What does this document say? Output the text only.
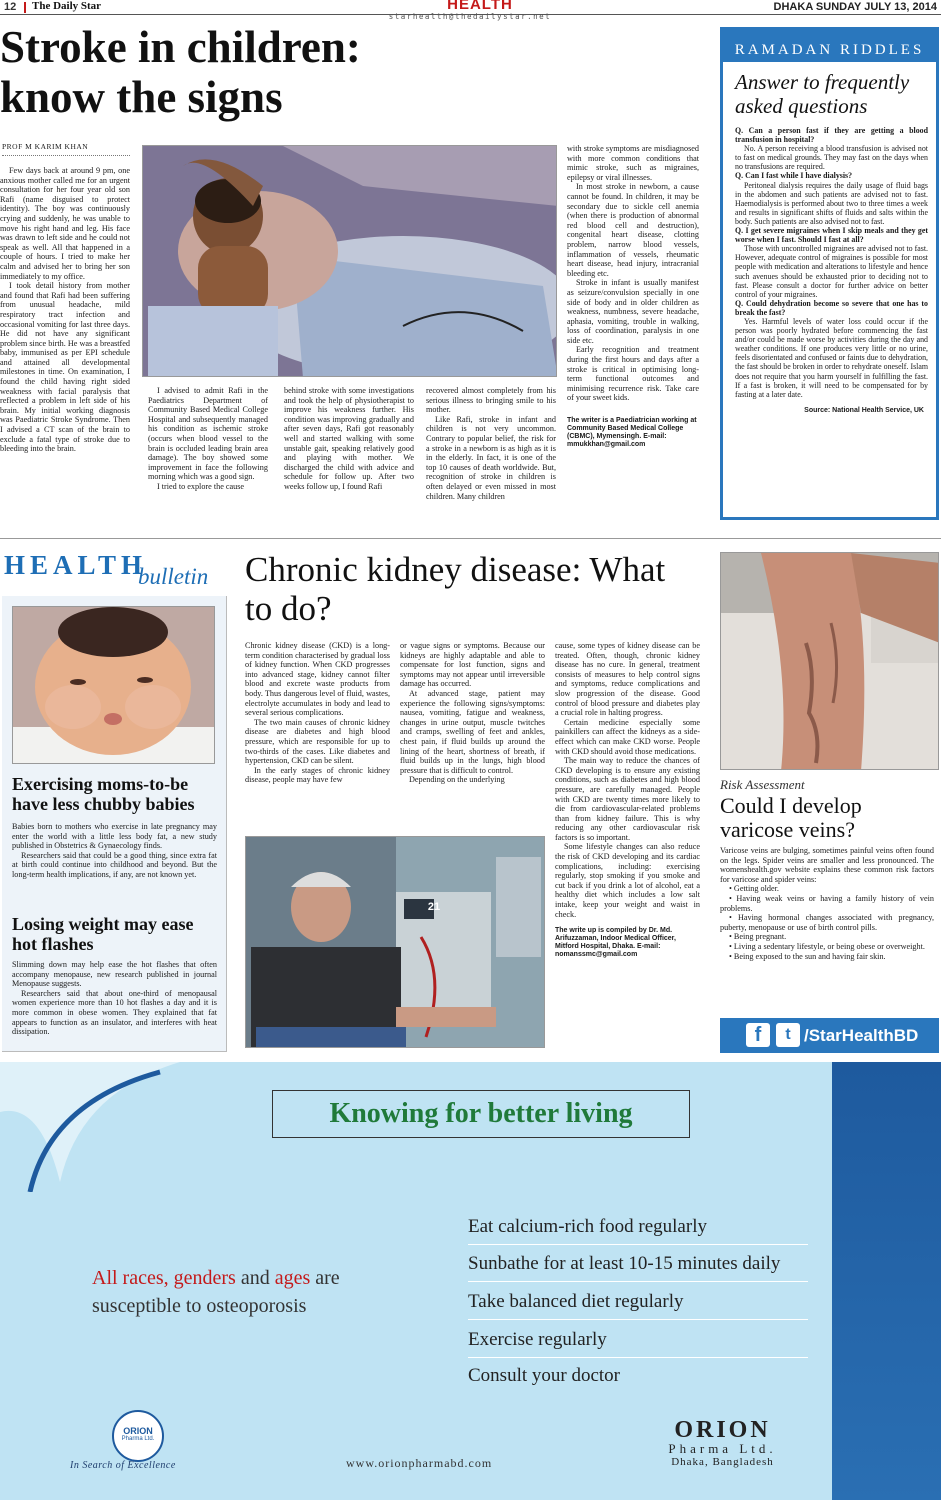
12 The Daily Star	HEALTH
starhealth@thedailystar.net
DHAKA SUNDAY JULY 13, 2014
Stroke in children: know the signs
PROF M KARIM KHAN

Few days back at around 9 pm, one anxious mother called me for an urgent consultation for her four year old son Rafi (name disguised to protect identity). The boy was continuously crying and suddenly, he was unable to move his right hand and leg. His face was drawn to left side and he could not speak as well. All that happened in a couple of hours. I tried to make her calm and advised her to bring her son immediately to my office.

I took detail history from mother and found that Rafi had been suffering from unusual headache, mild respiratory tract infection and occasional vomiting for last three days. He did not have any significant problem since birth. He was a breastfed baby, immunised as per EPI schedule and attained all developmental milestones in time. On examination, I found the child having right sided weakness with facial paralysis that reflected a problem in left side of his brain. My initial working diagnosis was Paediatric Stroke Syndrome. Then I advised a CT scan of the brain to exclude a fatal type of stroke due to bleeding into the brain.

I advised to admit Rafi in the Paediatrics Department of Community Based Medical College Hospital and subsequently managed his condition as ischemic stroke (occurs when blood vessel to the brain is occluded leading brain area damage). The boy showed some improvement in face the following morning which was a good sign.

I tried to explore the cause

behind stroke with some investigations and took the help of physiotherapist to improve his weakness further. His condition was improving gradually and after seven days, Rafi got reasonably well and started walking with some unstable gait, speaking relatively good and playing with mother. We discharged the child with advice and schedule for follow up. After two weeks follow up, I found Rafi

recovered almost completely from his serious illness to bringing smile to his mother.

Like Rafi, stroke in infant and children is not very uncommon. Contrary to popular belief, the risk for a stroke in a newborn is as high as it is in the elderly. In fact, it is one of the top 10 causes of death worldwide. But, recognition of stroke in children is often delayed or even missed in most children. Many children

with stroke symptoms are misdiagnosed with more common conditions that mimic stroke, such as migraines, epilepsy or viral illnesses.

In most stroke in newborn, a cause cannot be found. In children, it may be secondary due to sickle cell anemia (when there is production of abnormal red blood cell and destruction), congenital heart disease, clotting problem, narrow blood vessels, inflammation of vessels, rheumatic heart disease, head injury, intracranial bleeding etc.

Stroke in infant is usually manifest as seizure/convulsion specially in one side of body and in older children as weakness, numbness, severe headache, aphasia, vomiting, trouble in walking, loss of coordination, paralysis in one side etc.

Early recognition and treatment during the first hours and days after a stroke is critical in optimising long-term functional outcomes and minimising recurrence risk. Take care of your sweet kids.

The writer is a Paediatrician working at Community Based Medical College (CBMC), Mymensingh. E-mail: mmukkhan@gmail.com
RAMADAN RIDDLES
Answer to frequently asked questions

Q. Can a person fast if they are getting a blood transfusion in hospital?

No. A person receiving a blood transfusion is advised not to fast on medical grounds. They may fast on the days when no transfusions are required.

Q. Can I fast while I have dialysis?

Peritoneal dialysis requires the daily usage of fluid bags in the abdomen and such patients are advised not to fast. Haemodialysis is performed about two to three times a week and results in significant shifts of fluids and salts within the body. Such patients are also advised not to fast.

Q. I get severe migraines when I skip meals and they get worse when I fast. Should I fast at all?

Those with uncontrolled migraines are advised not to fast. However, adequate control of migraines is possible for most people with medication and alterations to lifestyle and hence such avenues should be exhausted prior to deciding not to fast. Please consult a doctor for further advice on better control of your migraines.

Q. Could dehydration become so severe that one has to break the fast?

Yes. Harmful levels of water loss could occur if the person was poorly hydrated before commencing the fast and/or could be made worse by activities during the day and weather conditions. If one produces very little or no urine, feels disorientated and confused or faints due to dehydration, the fast should be broken in order to rehydrate oneself. Islam does not require that you harm yourself in fulfilling the fast. If a fast is broken, it will need to be compensated for by fasting at a later date.

Source: National Health Service, UK
HEALTH
bulletin
Exercising moms-to-be have less chubby babies

Babies born to mothers who exercise in late pregnancy may enter the world with a little less body fat, a new study published in Obstetrics & Gynaecology finds.

Researchers said that could be a good thing, since extra fat at birth could continue into childhood and beyond. But the long-term health implications, if any, are not known yet.

Losing weight may ease hot flashes

Slimming down may help ease the hot flashes that often accompany menopause, new research published in journal Menopause suggests.

Researchers said that about one-third of menopausal women experience more than 10 hot flashes a day and it is more common in obese women. They explained that fat appears to function as an insulator, and interferes with heat dissipation.

Chronic kidney disease: What to do?

Chronic kidney disease (CKD) is a long-term condition characterised by gradual loss of kidney function. When CKD progresses into advanced stage, kidney cannot filter blood and excrete waste products from body. Thus dangerous level of fluid, wastes, electrolyte accumulates in body and lead to several serious complications.

The two main causes of chronic kidney disease are diabetes and high blood pressure, which are responsible for up to two-thirds of the cases. Like diabetes and hypertension, CKD can be silent.

In the early stages of chronic kidney disease, people may have few

or vague signs or symptoms. Because our kidneys are highly adaptable and able to compensate for lost function, signs and symptoms may not appear until irreversible damage has occurred.

At advanced stage, patient may experience the following signs/symptoms: nausea, vomiting, fatigue and weakness, changes in urine output, muscle twitches and cramps, swelling of feet and ankles, chest pain, if fluid builds up around the lining of the heart, shortness of breath, if fluid builds up in the lungs, high blood pressure that is difficult to control.

Depending on the underlying

cause, some types of kidney disease can be treated. Often, though, chronic kidney disease has no cure. In general, treatment consists of measures to help control signs and symptoms, reduce complications and slow progression of the disease. Good control of blood pressure and diabetes play a crucial role in halting progress.

Certain medicine especially some painkillers can affect the kidneys as a side-effect which can make CKD worse. People with CKD should avoid those medications.

The main way to reduce the chances of CKD developing is to ensure any existing conditions, such as diabetes and high blood pressure, are carefully managed. People with CKD are twenty times more likely to die from cardiovascular-related problems than from kidney failure. This is why reducing any other cardiovascular risk factors is so important.

Some lifestyle changes can also reduce the risk of CKD developing and its cardiac complications, including: exercising regularly, stop smoking if you smoke and cut back if you drink a lot of alcohol, eat a healthy diet which includes a low salt intake, keep your weight and waist in check.

The write up is compiled by Dr. Md. Arifuzzaman, Indoor Medical Officer, Mitford Hospital, Dhaka. E-mail: nomanssmc@gmail.com
21
Risk Assessment
Could I develop varicose veins?

Varicose veins are bulging, sometimes painful veins often found on the legs. Spider veins are smaller and less pronounced. The womenshealth.gov website explains these common risk factors for varicose and spider veins:

• Getting older.

• Having weak veins or having a family history of vein problems.

• Having hormonal changes associated with pregnancy, puberty, menopause or use of birth control pills.

• Being pregnant.

• Living a sedentary lifestyle, or being obese or overweight.

• Being exposed to the sun and having fair skin.

f	t /StarHealthBD
Knowing for better living
Eat calcium-rich food regularly
Sunbathe for at least 10-15 minutes daily
Take balanced diet regularly
Exercise regularly
Consult your doctor
All races, genders and ages are
susceptible to osteoporosis
ORION
Pharma Ltd.
In Search of Excellence	www.orionpharmabd.com
ORION
Pharma Ltd.
Dhaka, Bangladesh
